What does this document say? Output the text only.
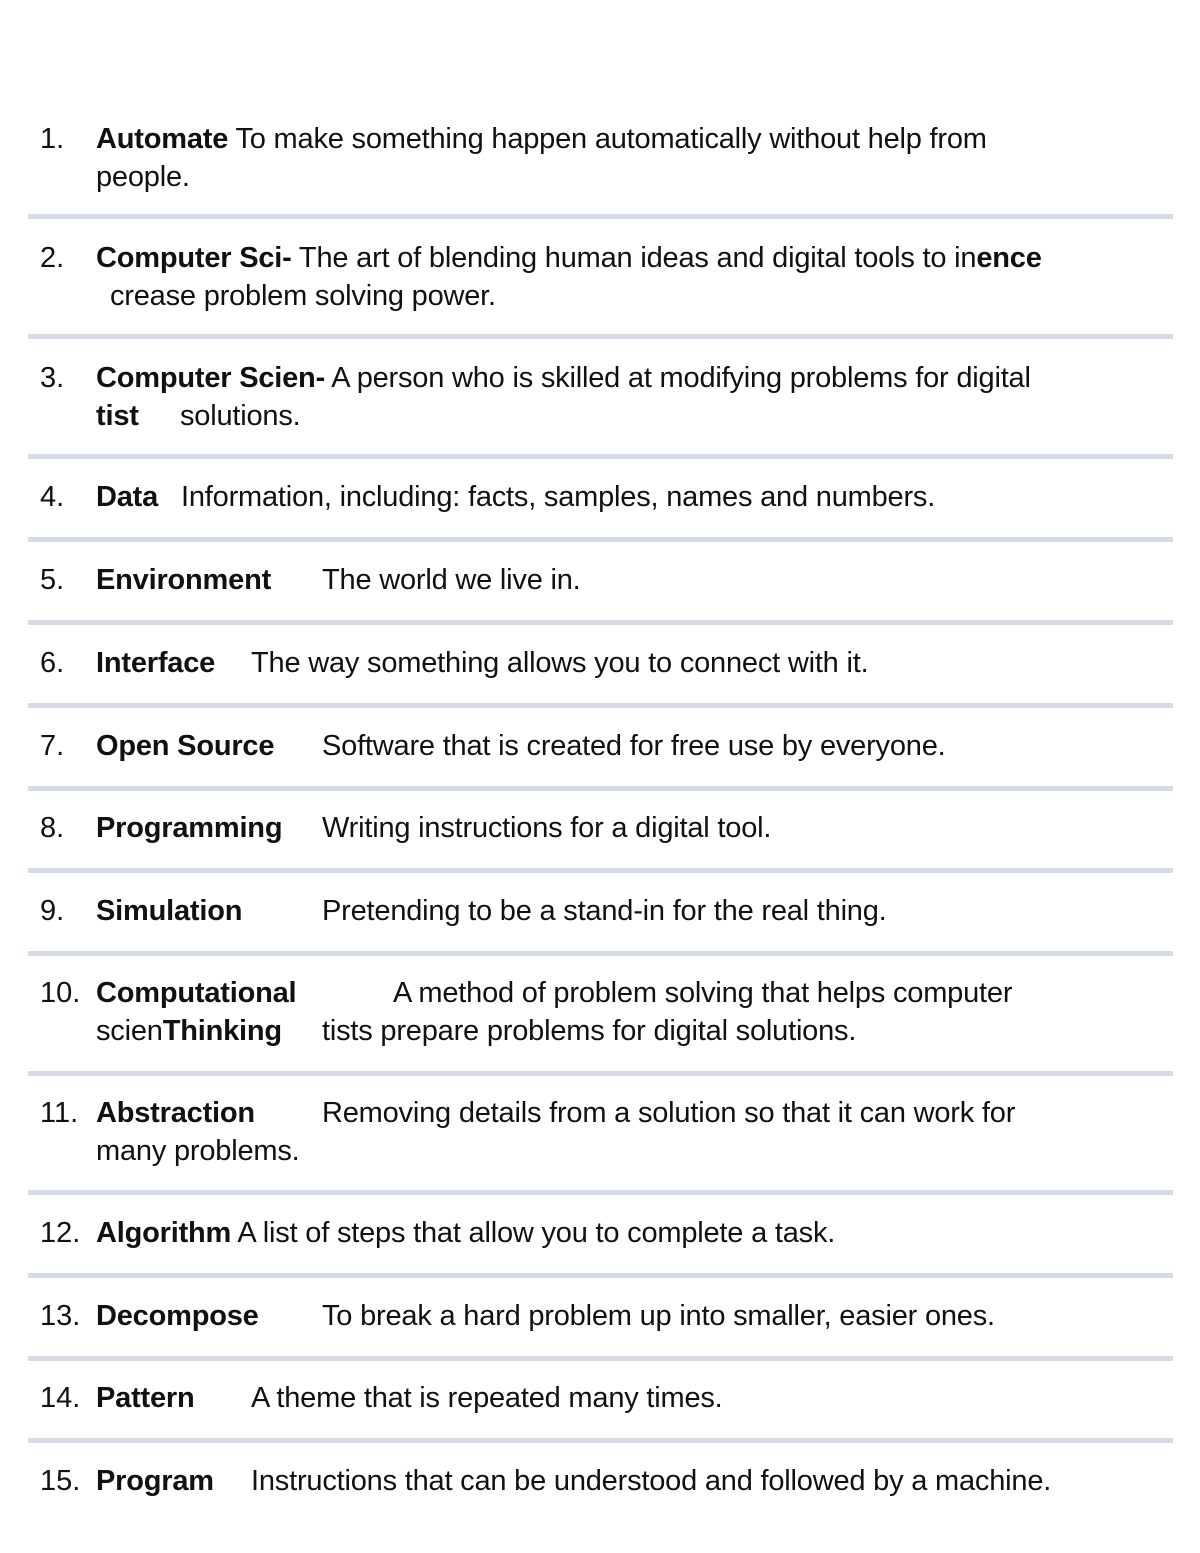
1. Automate To make something happen automatically without help from
people.
2. Computer Sci- The art of blending human ideas and digital tools to inence
crease problem solving power.
3. Computer Scien- A person who is skilled at modifying problems for digital
tist solutions.
4. Data Information, including: facts, samples, names and numbers.
5. Environment The world we live in.
6. Interface The way something allows you to connect with it.
7. Open Source Software that is created for free use by everyone.
8. Programming Writing instructions for a digital tool.
9. Simulation	Pretending to be a stand-in for the real thing.
10. Computational	A method of problem solving that helps computer
scienThinking tists prepare problems for digital solutions.
11. Abstraction Removing details from a solution so that it can work for
many problems.
12. Algorithm A list of steps that allow you to complete a task.
13. Decompose To break a hard problem up into smaller, easier ones.
14. Pattern A theme that is repeated many times.
15. Program Instructions that can be understood and followed by a machine.
